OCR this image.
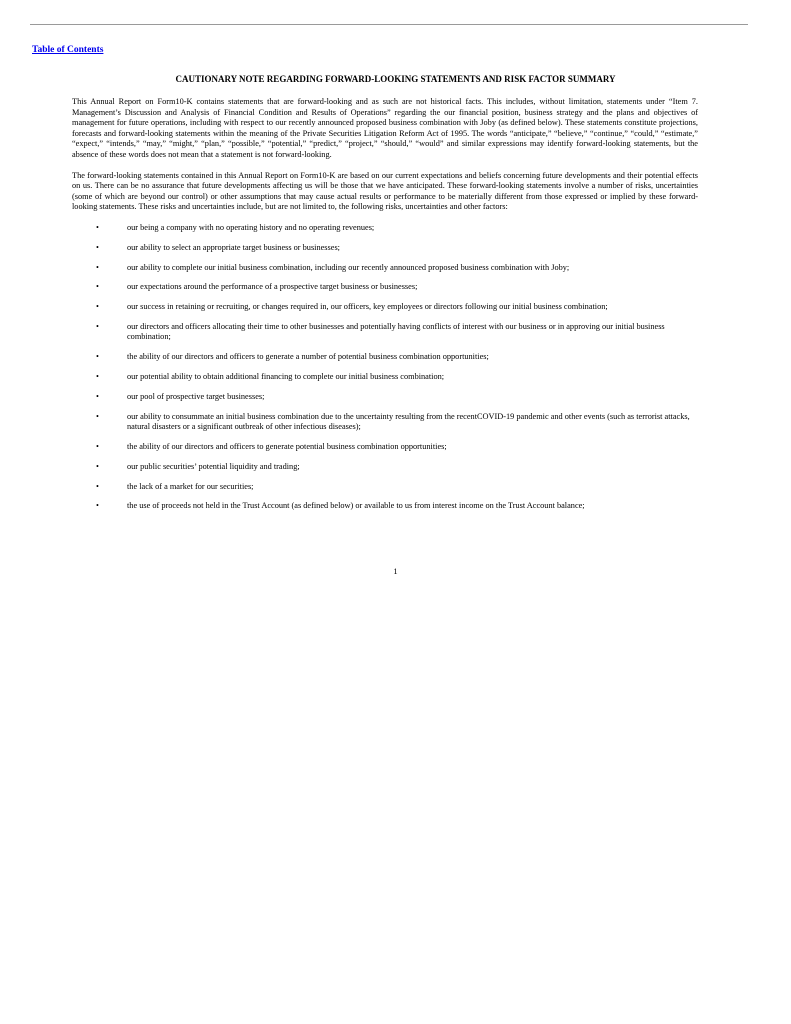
Table of Contents
CAUTIONARY NOTE REGARDING FORWARD-LOOKING STATEMENTS AND RISK FACTOR SUMMARY

This Annual Report on Form10-K contains statements that are forward-looking and as such are not historical facts. This includes, without limitation, statements under “Item 7. Management’s Discussion and Analysis of Financial Condition and Results of Operations” regarding the our financial position, business strategy and the plans and objectives of management for future operations, including with respect to our recently announced proposed business combination with Joby (as defined below). These statements constitute projections, forecasts and forward-looking statements within the meaning of the Private Securities Litigation Reform Act of 1995. The words “anticipate,” “believe,” “continue,” “could,” “estimate,” “expect,” “intends,” “may,” “might,” “plan,” “possible,” “potential,” “predict,” “project,” “should,” “would” and similar expressions may identify forward-looking statements, but the absence of these words does not mean that a statement is not forward-looking.

The forward-looking statements contained in this Annual Report on Form10-K are based on our current expectations and beliefs concerning future developments and their potential effects on us. There can be no assurance that future developments affecting us will be those that we have anticipated. These forward-looking statements involve a number of risks, uncertainties (some of which are beyond our control) or other assumptions that may cause actual results or performance to be materially different from those expressed or implied by these forward-looking statements. These risks and uncertainties include, but are not limited to, the following risks, uncertainties and other factors:

•	our being a company with no operating history and no operating revenues;
•	our ability to select an appropriate target business or businesses;
•	our ability to complete our initial business combination, including our recently announced proposed business combination with Joby;
•	our expectations around the performance of a prospective target business or businesses;
•	our success in retaining or recruiting, or changes required in, our officers, key employees or directors following our initial business combination;
•	our directors and officers allocating their time to other businesses and potentially having conflicts of interest with our business or in approving our initial business combination;
•	the ability of our directors and officers to generate a number of potential business combination opportunities;
•	our potential ability to obtain additional financing to complete our initial business combination;
•	our pool of prospective target businesses;
•	our ability to consummate an initial business combination due to the uncertainty resulting from the recentCOVID-19 pandemic and other events (such as terrorist attacks, natural disasters or a significant outbreak of other infectious diseases);
•	the ability of our directors and officers to generate potential business combination opportunities;
•	our public securities’ potential liquidity and trading;
•	the lack of a market for our securities;
•	the use of proceeds not held in the Trust Account (as defined below) or available to us from interest income on the Trust Account balance;
1
